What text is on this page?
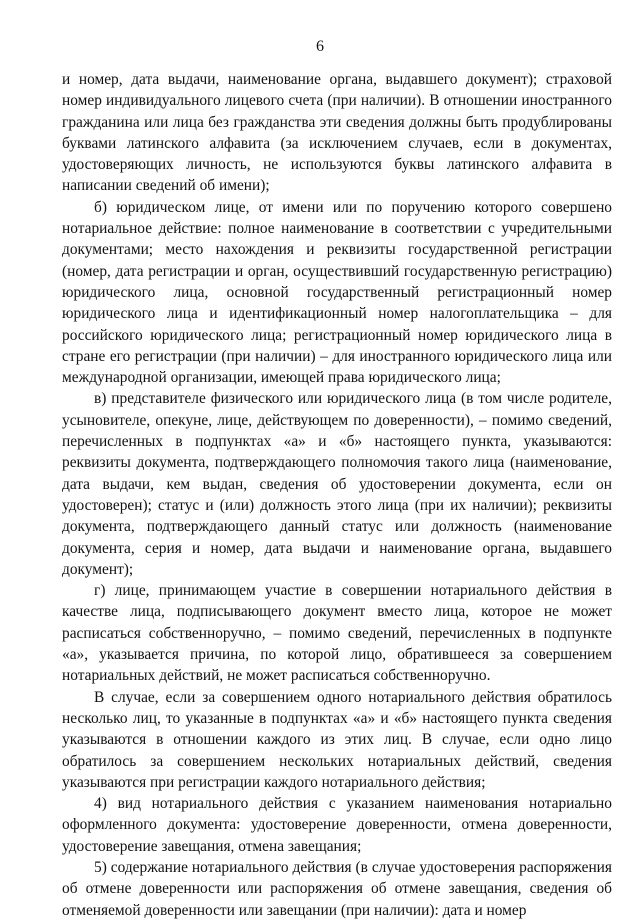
6

и номер, дата выдачи, наименование органа, выдавшего документ); страховой номер индивидуального лицевого счета (при наличии). В отношении иностранного гражданина или лица без гражданства эти сведения должны быть продублированы буквами латинского алфавита (за исключением случаев, если в документах, удостоверяющих личность, не используются буквы латинского алфавита в написании сведений об имени);

б) юридическом лице, от имени или по поручению которого совершено нотариальное действие: полное наименование в соответствии с учредительными документами; место нахождения и реквизиты государственной регистрации (номер, дата регистрации и орган, осуществивший государственную регистрацию) юридического лица, основной государственный регистрационный номер юридического лица и идентификационный номер налогоплательщика – для российского юридического лица; регистрационный номер юридического лица в стране его регистрации (при наличии) – для иностранного юридического лица или международной организации, имеющей права юридического лица;

в) представителе физического или юридического лица (в том числе родителе, усыновителе, опекуне, лице, действующем по доверенности), – помимо сведений, перечисленных в подпунктах «а» и «б» настоящего пункта, указываются: реквизиты документа, подтверждающего полномочия такого лица (наименование, дата выдачи, кем выдан, сведения об удостоверении документа, если он удостоверен); статус и (или) должность этого лица (при их наличии); реквизиты документа, подтверждающего данный статус или должность (наименование документа, серия и номер, дата выдачи и наименование органа, выдавшего документ);

г) лице, принимающем участие в совершении нотариального действия в качестве лица, подписывающего документ вместо лица, которое не может расписаться собственноручно, – помимо сведений, перечисленных в подпункте «а», указывается причина, по которой лицо, обратившееся за совершением нотариальных действий, не может расписаться собственноручно.

В случае, если за совершением одного нотариального действия обратилось несколько лиц, то указанные в подпунктах «а» и «б» настоящего пункта сведения указываются в отношении каждого из этих лиц. В случае, если одно лицо обратилось за совершением нескольких нотариальных действий, сведения указываются при регистрации каждого нотариального действия;

4) вид нотариального действия с указанием наименования нотариально оформленного документа: удостоверение доверенности, отмена доверенности, удостоверение завещания, отмена завещания;

5) содержание нотариального действия (в случае удостоверения распоряжения об отмене доверенности или распоряжения об отмене завещания, сведения об отменяемой доверенности или завещании (при наличии): дата и номер
